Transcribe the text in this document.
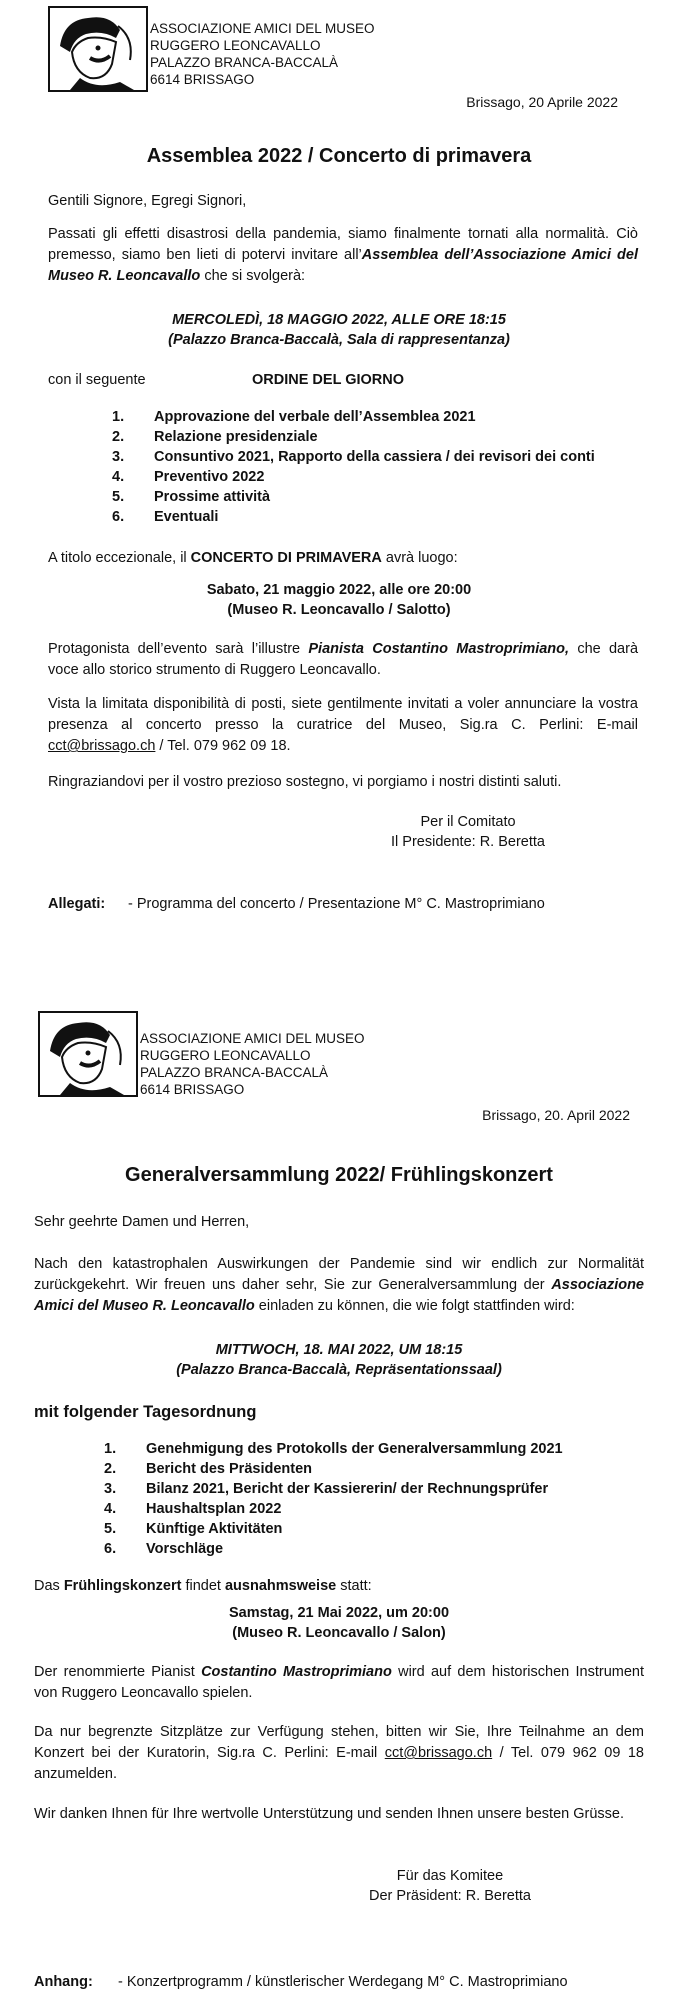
ASSOCIAZIONE AMICI DEL MUSEO
RUGGERO LEONCAVALLO
PALAZZO BRANCA-BACCALÀ
6614 BRISSAGO
Brissago, 20 Aprile 2022
Assemblea 2022 / Concerto di primavera
Gentili Signore, Egregi Signori,
Passati gli effetti disastrosi della pandemia, siamo finalmente tornati alla normalità. Ciò premesso, siamo ben lieti di potervi invitare all’Assemblea dell’Associazione Amici del Museo R. Leoncavallo che si svolgerà:
MERCOLEDÌ, 18 MAGGIO 2022, ALLE ORE 18:15
(Palazzo Branca-Baccalà, Sala di rappresentanza)
con il seguente	ORDINE DEL GIORNO
1.	Approvazione del verbale dell’Assemblea 2021
2.	Relazione presidenziale
3.	Consuntivo 2021, Rapporto della cassiera / dei revisori dei conti
4.	Preventivo 2022
5.	Prossime attività
6.	Eventuali
A titolo eccezionale, il CONCERTO DI PRIMAVERA avrà luogo:
Sabato, 21 maggio 2022, alle ore 20:00
(Museo R. Leoncavallo / Salotto)
Protagonista dell’evento sarà l’illustre Pianista Costantino Mastroprimiano, che darà voce allo storico strumento di Ruggero Leoncavallo.
Vista la limitata disponibilità di posti, siete gentilmente invitati a voler annunciare la vostra presenza al concerto presso la curatrice del Museo, Sig.ra C. Perlini: E-mail cct@brissago.ch / Tel. 079 962 09 18.
Ringraziandovi per il vostro prezioso sostegno, vi porgiamo i nostri distinti saluti.
Per il Comitato
Il Presidente: R. Beretta
Allegati: - Programma del concerto / Presentazione M° C. Mastroprimiano
ASSOCIAZIONE AMICI DEL MUSEO
RUGGERO LEONCAVALLO
PALAZZO BRANCA-BACCALÀ
6614 BRISSAGO
Brissago, 20. April 2022
Generalversammlung 2022/ Frühlingskonzert
Sehr geehrte Damen und Herren,
Nach den katastrophalen Auswirkungen der Pandemie sind wir endlich zur Normalität zurückgekehrt. Wir freuen uns daher sehr, Sie zur Generalversammlung der Associazione Amici del Museo R. Leoncavallo einladen zu können, die wie folgt stattfinden wird:
MITTWOCH, 18. MAI 2022, UM 18:15
(Palazzo Branca-Baccalà, Repräsentationssaal)
mit folgender Tagesordnung
1.	Genehmigung des Protokolls der Generalversammlung 2021
2.	Bericht des Präsidenten
3.	Bilanz 2021, Bericht der Kassiererin/ der Rechnungsprüfer
4.	Haushaltsplan 2022
5.	Künftige Aktivitäten
6.	Vorschläge
Das Frühlingskonzert findet ausnahmsweise statt:
Samstag, 21 Mai 2022, um 20:00
(Museo R. Leoncavallo / Salon)
Der renommierte Pianist Costantino Mastroprimiano wird auf dem historischen Instrument von Ruggero Leoncavallo spielen.
Da nur begrenzte Sitzplätze zur Verfügung stehen, bitten wir Sie, Ihre Teilnahme an dem Konzert bei der Kuratorin, Sig.ra C. Perlini: E-mail cct@brissago.ch / Tel. 079 962 09 18 anzumelden.
Wir danken Ihnen für Ihre wertvolle Unterstützung und senden Ihnen unsere besten Grüsse.
Für das Komitee
Der Präsident: R. Beretta
Anhang: - Konzertprogramm / künstlerischer Werdegang M° C. Mastroprimiano
